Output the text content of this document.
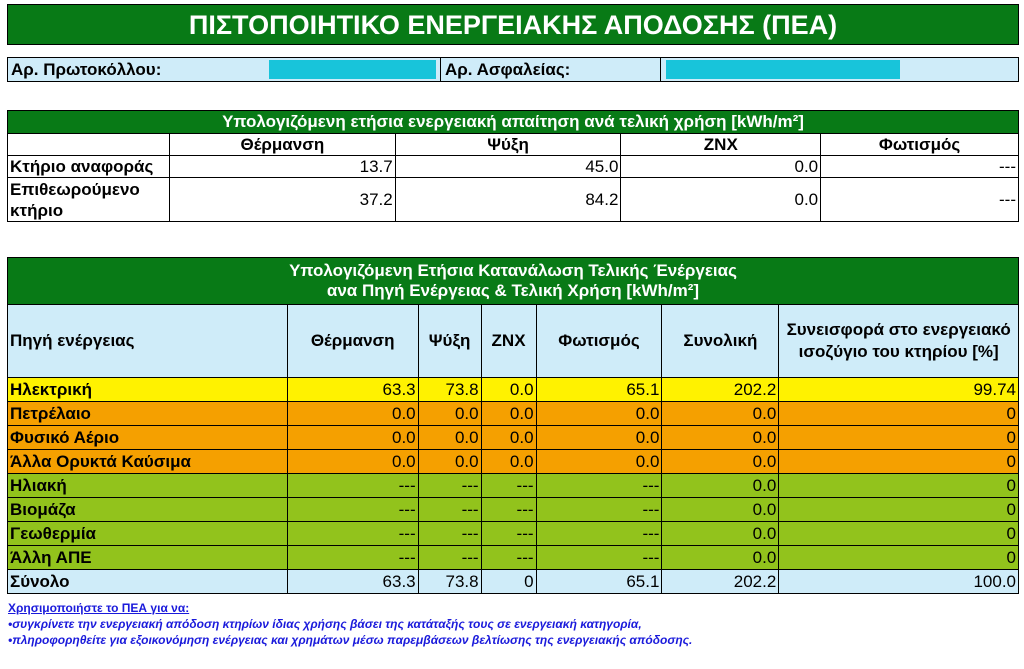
ΠΙΣΤΟΠΟΙΗΤΙΚΟ ΕΝΕΡΓΕΙΑΚΗΣ ΑΠΟΔΟΣΗΣ (ΠΕΑ)
Αρ. Πρωτοκόλλου:	Αρ. Ασφαλείας:
Υπολογιζόμενη ετήσια ενεργειακή απαίτηση ανά τελική χρήση [kWh/m²]				
	Θέρμανση	Ψύξη	ZNX	Φωτισμός
Κτήριο αναφοράς	13.7	45.0	0.0	---
Επιθεωρούμενο
κτήριο	37.2	84.2	0.0	---
Υπολογιζόμενη Ετήσια Κατανάλωση Τελικής Ένέργειας
ανα Πηγή Ενέργειας & Τελική Χρήση [kWh/m²]						
Πηγή ενέργειας	Θέρμανση	Ψύξη	ZNX	Φωτισμός	Συνολική	Συνεισφορά στο ενεργειακό ισοζύγιο του κτηρίου [%]
Ηλεκτρική	63.3	73.8	0.0	65.1	202.2	99.74
Πετρέλαιο	0.0	0.0	0.0	0.0	0.0	0
Φυσικό Αέριο	0.0	0.0	0.0	0.0	0.0	0
Άλλα Ορυκτά Καύσιμα	0.0	0.0	0.0	0.0	0.0	0
Ηλιακή	---	---	---	---	0.0	0
Βιομάζα	---	---	---	---	0.0	0
Γεωθερμία	---	---	---	---	0.0	0
Άλλη ΑΠΕ	---	---	---	---	0.0	0
Σύνολο	63.3	73.8	0	65.1	202.2	100.0
Χρησιμοποιήστε το ΠΕΑ για να:
•συγκρίνετε την ενεργειακή απόδοση κτηρίων ίδιας χρήσης βάσει της κατάταξής τους σε ενεργειακή κατηγορία,
•πληροφορηθείτε για εξοικονόμηση ενέργειας και χρημάτων μέσω παρεμβάσεων βελτίωσης της ενεργειακής απόδοσης.
